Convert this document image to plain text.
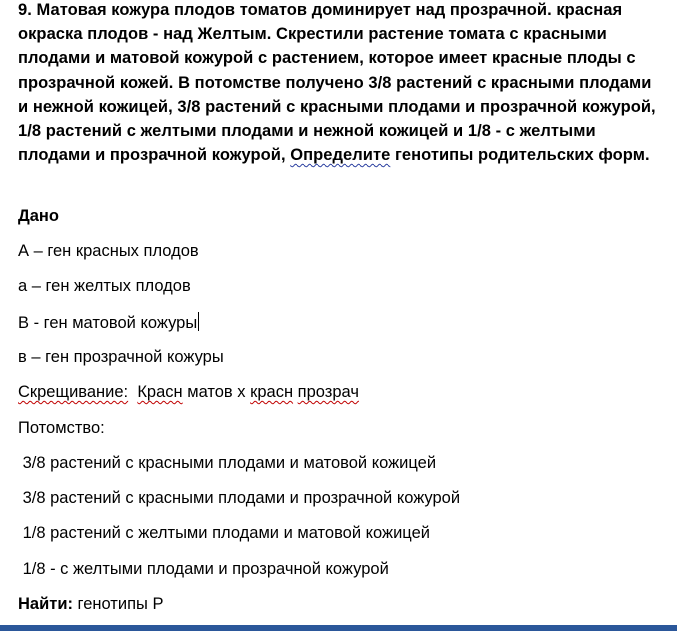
9. Матовая кожура плодов томатов доминирует над прозрачной. красная окраска плодов - над Желтым. Скрестили растение томата с красными плодами и матовой кожурой с растением, которое имеет красные плоды с прозрачной кожей. В потомстве получено 3/8 растений с красными плодами и нежной кожицей, 3/8 растений с красными плодами и прозрачной кожурой, 1/8 растений с желтыми плодами и нежной кожицей и 1/8 - с желтыми плодами и прозрачной кожурой, Определите генотипы родительских форм.
Дано
А – ген красных плодов
а – ген желтых плодов
В - ген матовой кожуры
в – ген прозрачной кожуры
Скрещивание: Красн матов х красн прозрач
Потомство:
3/8 растений с красными плодами и матовой кожицей
3/8 растений с красными плодами и прозрачной кожурой
1/8 растений с желтыми плодами и матовой кожицей
1/8 - с желтыми плодами и прозрачной кожурой
Найти: генотипы Р
